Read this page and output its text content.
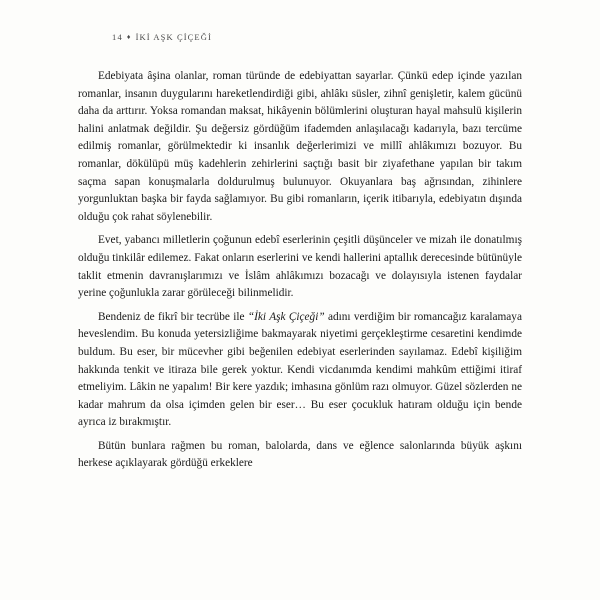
14 ♦ İKİ AŞK ÇİÇEĞİ

Edebiyata âşina olanlar, roman türünde de edebiyattan sayarlar. Çünkü edep içinde yazılan romanlar, insanın duygularını hareketlendirdiği gibi, ahlâkı süsler, zihnî genişletir, kalem gücünü daha da arttırır. Yoksa romandan maksat, hikâyenin bölümlerini oluşturan hayal mahsulü kişilerin halini anlatmak değildir. Şu değersiz gördüğüm ifademden anlaşılacağı kadarıyla, bazı tercüme edilmiş romanlar, görülmektedir ki insanlık değerlerimizi ve millî ahlâkımızı bozuyor. Bu romanlar, dökülüpü müş kadehlerin zehirlerini saçtığı basit bir ziyafethane yapılan bir takım saçma sapan konuşmalarla doldurulmuş bulunuyor. Okuyanlara baş ağrısından, zihinlere yorgunluktan başka bir fayda sağlamıyor. Bu gibi romanların, içerik itibarıyla, edebiyatın dışında olduğu çok rahat söylenebilir.

Evet, yabancı milletlerin çoğunun edebî eserlerinin çeşitli düşünceler ve mizah ile donatılmış olduğu tinkilâr edilemez. Fakat onların eserlerini ve kendi hallerini aptallık derecesinde bütünüyle taklit etmenin davranışlarımızı ve İslâm ahlâkımızı bozacağı ve dolayısıyla istenen faydalar yerine çoğunlukla zarar görüleceği bilinmelidir.

Bendeniz de fikrî bir tecrübe ile “İki Aşk Çiçeği” adını verdiğim bir romancağız karalamaya heveslendim. Bu konuda yetersizliğime bakmayarak niyetimi gerçekleştirme cesaretini kendimde buldum. Bu eser, bir mücevher gibi beğenilen edebiyat eserlerinden sayılamaz. Edebî kişiliğim hakkında tenkit ve itiraza bile gerek yoktur. Kendi vicdanımda kendimi mahkûm ettiğimi itiraf etmeliyim. Lâkin ne yapalım! Bir kere yazdık; imhasına gönlüm razı olmuyor. Güzel sözlerden ne kadar mahrum da olsa içimden gelen bir eser… Bu eser çocukluk hatıram olduğu için bende ayrıca iz bırakmıştır.

Bütün bunlara rağmen bu roman, balolarda, dans ve eğlence salonlarında büyük aşkını herkese açıklayarak gördüğü erkeklere
